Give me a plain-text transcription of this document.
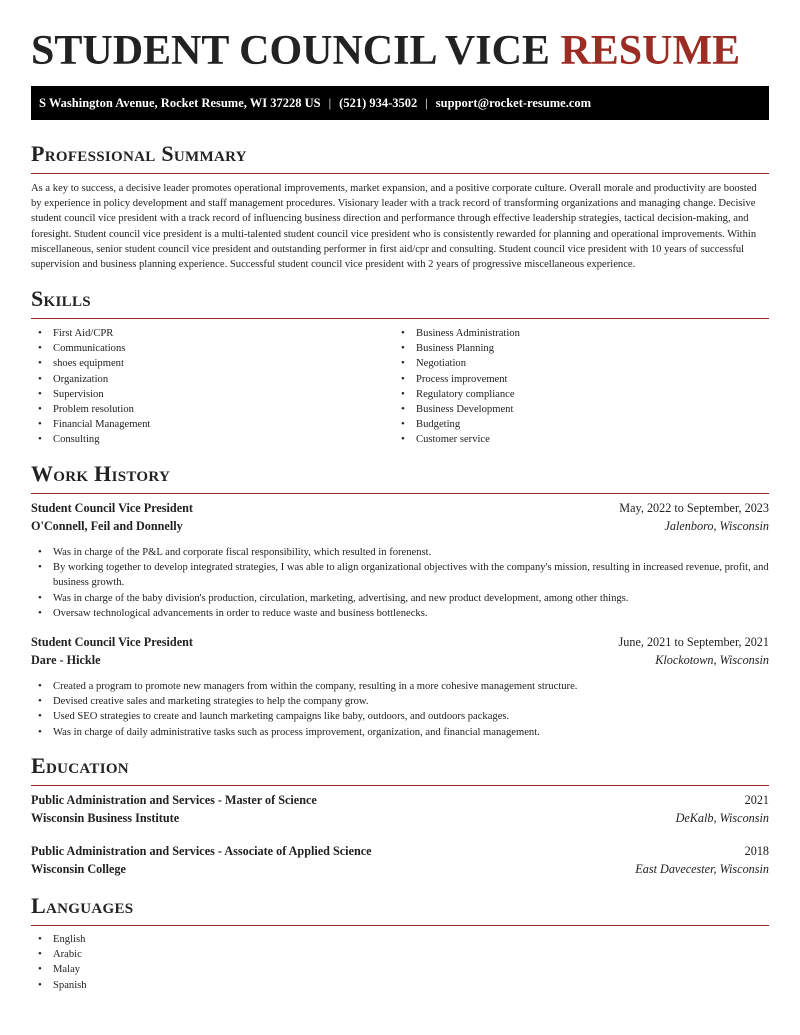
STUDENT COUNCIL VICE RESUME
S Washington Avenue, Rocket Resume, WI 37228 US | (521) 934-3502 | support@rocket-resume.com
Professional Summary

As a key to success, a decisive leader promotes operational improvements, market expansion, and a positive corporate culture. Overall morale and productivity are boosted by experience in policy development and staff management procedures. Visionary leader with a track record of transforming organizations and managing change. Decisive student council vice president with a track record of influencing business direction and performance through effective leadership strategies, tactical decision-making, and foresight. Student council vice president is a multi-talented student council vice president who is consistently rewarded for planning and operational improvements. Within miscellaneous, senior student council vice president and outstanding performer in first aid/cpr and consulting. Student council vice president with 10 years of successful supervision and business planning experience. Successful student council vice president with 2 years of progressive miscellaneous experience.

Skills
• First Aid/CPR
• Communications
• shoes equipment
• Organization
• Supervision
• Problem resolution
• Financial Management
• Consulting
• Business Administration
• Business Planning
• Negotiation
• Process improvement
• Regulatory compliance
• Business Development
• Budgeting
• Customer service
Work History
Student Council Vice President	May, 2022 to September, 2023
O'Connell, Feil and Donnelly	Jalenboro, Wisconsin
• Was in charge of the P&L and corporate fiscal responsibility, which resulted in forenenst.
• By working together to develop integrated strategies, I was able to align organizational objectives with the company's mission, resulting in increased revenue, profit, and business growth.
• Was in charge of the baby division's production, circulation, marketing, advertising, and new product development, among other things.
• Oversaw technological advancements in order to reduce waste and business bottlenecks.
Student Council Vice President	June, 2021 to September, 2021
Dare - Hickle	Klockotown, Wisconsin
• Created a program to promote new managers from within the company, resulting in a more cohesive management structure.
• Devised creative sales and marketing strategies to help the company grow.
• Used SEO strategies to create and launch marketing campaigns like baby, outdoors, and outdoors packages.
• Was in charge of daily administrative tasks such as process improvement, organization, and financial management.
Education
Public Administration and Services - Master of Science	2021
Wisconsin Business Institute	DeKalb, Wisconsin
Public Administration and Services - Associate of Applied Science	2018
Wisconsin College	East Davecester, Wisconsin
Languages
• English
• Arabic
• Malay
• Spanish
